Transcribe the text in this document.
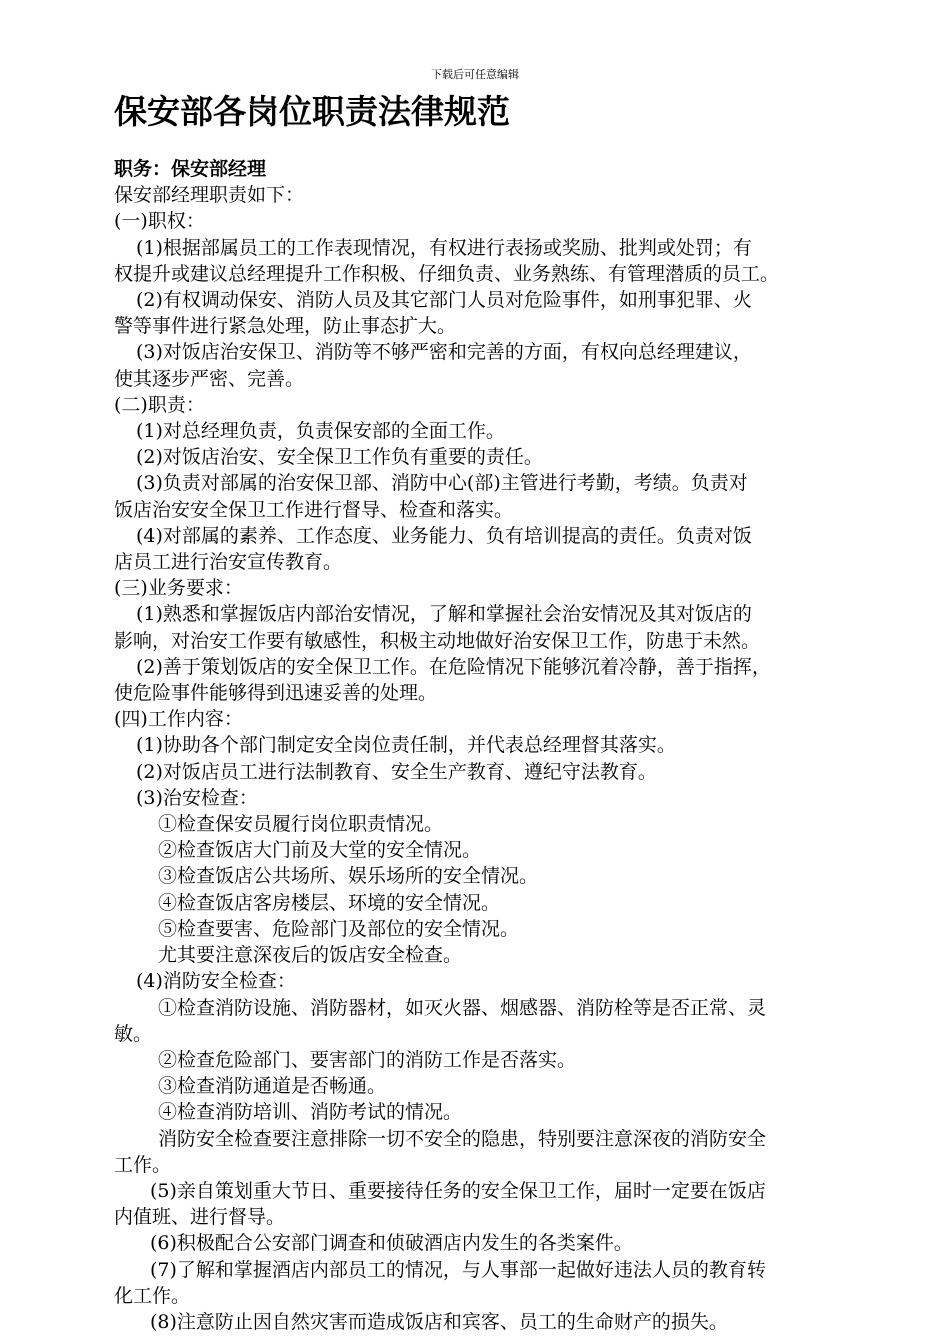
下载后可任意编辑
保安部各岗位职责法律规范
职务：保安部经理
保安部经理职责如下：
(一)职权：
(1)根据部属员工的工作表现情况，有权进行表扬或奖励、批判或处罚；有
权提升或建议总经理提升工作积极、仔细负责、业务熟练、有管理潜质的员工。
(2)有权调动保安、消防人员及其它部门人员对危险事件，如刑事犯罪、火
警等事件进行紧急处理，防止事态扩大。
(3)对饭店治安保卫、消防等不够严密和完善的方面，有权向总经理建议，
使其逐步严密、完善。
(二)职责：
(1)对总经理负责，负责保安部的全面工作。
(2)对饭店治安、安全保卫工作负有重要的责任。
(3)负责对部属的治安保卫部、消防中心(部)主管进行考勤，考绩。负责对
饭店治安安全保卫工作进行督导、检查和落实。
(4)对部属的素养、工作态度、业务能力、负有培训提高的责任。负责对饭
店员工进行治安宣传教育。
(三)业务要求：
(1)熟悉和掌握饭店内部治安情况，了解和掌握社会治安情况及其对饭店的
影响，对治安工作要有敏感性，积极主动地做好治安保卫工作，防患于未然。
(2)善于策划饭店的安全保卫工作。在危险情况下能够沉着冷静，善于指挥，
使危险事件能够得到迅速妥善的处理。
(四)工作内容：
(1)协助各个部门制定安全岗位责任制，并代表总经理督其落实。
(2)对饭店员工进行法制教育、安全生产教育、遵纪守法教育。
(3)治安检查：
①检查保安员履行岗位职责情况。
②检查饭店大门前及大堂的安全情况。
③检查饭店公共场所、娱乐场所的安全情况。
④检查饭店客房楼层、环境的安全情况。
⑤检查要害、危险部门及部位的安全情况。
尤其要注意深夜后的饭店安全检查。
(4)消防安全检查：
①检查消防设施、消防器材，如灭火器、烟感器、消防栓等是否正常、灵
敏。
②检查危险部门、要害部门的消防工作是否落实。
③检查消防通道是否畅通。
④检查消防培训、消防考试的情况。
消防安全检查要注意排除一切不安全的隐患，特别要注意深夜的消防安全
工作。
(5)亲自策划重大节日、重要接待任务的安全保卫工作，届时一定要在饭店
内值班、进行督导。
(6)积极配合公安部门调查和侦破酒店内发生的各类案件。
(7)了解和掌握酒店内部员工的情况，与人事部一起做好违法人员的教育转
化工作。
(8)注意防止因自然灾害而造成饭店和宾客、员工的生命财产的损失。
